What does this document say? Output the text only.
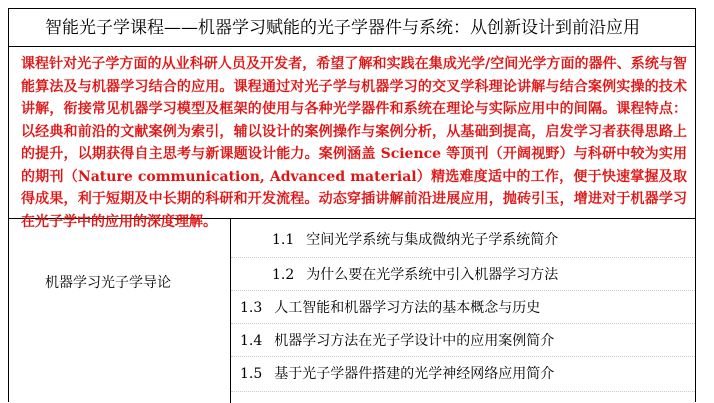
智能光子学课程——机器学习赋能的光子学器件与系统：从创新设计到前沿应用
课程针对光子学方面的从业科研人员及开发者，希望了解和实践在集成光学/空间光学方面的器件、系统与智能算法及与机器学习结合的应用。课程通过对光子学与机器学习的交叉学科理论讲解与结合案例实操的技术讲解，衔接常见机器学习模型及框架的使用与各种光学器件和系统在理论与实际应用中的间隔。课程特点：以经典和前沿的文献案例为索引，辅以设计的案例操作与案例分析，从基础到提高，启发学习者获得思路上的提升，以期获得自主思考与新课题设计能力。案例涵盖 Science 等顶刊（开阔视野）与科研中较为实用的期刊（Nature communication, Advanced material）精选难度适中的工作，便于快速掌握及取得成果，利于短期及中长期的科研和开发流程。动态穿插讲解前沿进展应用，抛砖引玉，增进对于机器学习在光子学中的应用的深度理解。
机器学习光子学导论
1.1 空间光学系统与集成微纳光子学系统简介
1.2 为什么要在光学系统中引入机器学习方法
1.3 人工智能和机器学习方法的基本概念与历史
1.4 机器学习方法在光子学设计中的应用案例简介
1.5 基于光子学器件搭建的光学神经网络应用简介
